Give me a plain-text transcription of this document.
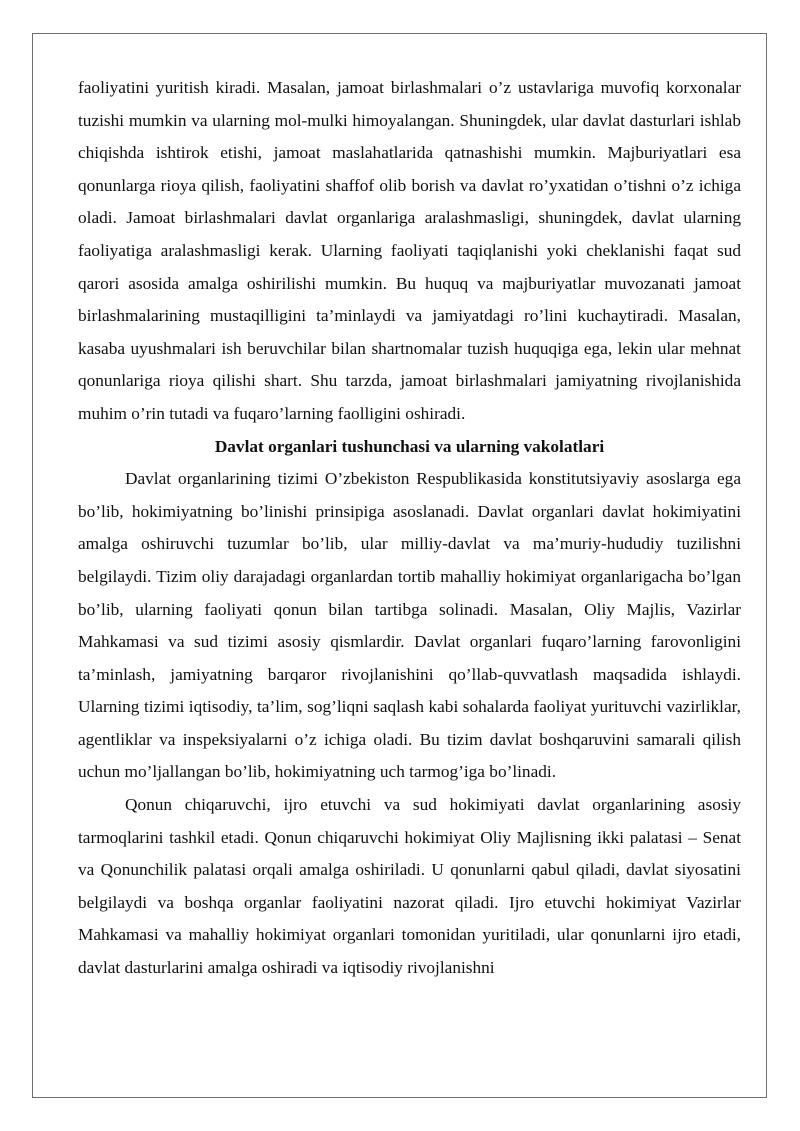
faoliyatini yuritish kiradi. Masalan, jamoat birlashmalari o’z ustavlariga muvofiq korxonalar tuzishi mumkin va ularning mol-mulki himoyalangan. Shuningdek, ular davlat dasturlari ishlab chiqishda ishtirok etishi, jamoat maslahatlarida qatnashishi mumkin. Majburiyatlari esa qonunlarga rioya qilish, faoliyatini shaffof olib borish va davlat ro’yxatidan o’tishni o’z ichiga oladi. Jamoat birlashmalari davlat organlariga aralashmasligi, shuningdek, davlat ularning faoliyatiga aralashmasligi kerak. Ularning faoliyati taqiqlanishi yoki cheklanishi faqat sud qarori asosida amalga oshirilishi mumkin. Bu huquq va majburiyatlar muvozanati jamoat birlashmalarining mustaqilligini ta’minlaydi va jamiyatdagi ro’lini kuchaytiradi. Masalan, kasaba uyushmalari ish beruvchilar bilan shartnomalar tuzish huquqiga ega, lekin ular mehnat qonunlariga rioya qilishi shart. Shu tarzda, jamoat birlashmalari jamiyatning rivojlanishida muhim o’rin tutadi va fuqaro’larning faolligini oshiradi.

Davlat organlari tushunchasi va ularning vakolatlari

Davlat organlarining tizimi O’zbekiston Respublikasida konstitutsiyaviy asoslarga ega bo’lib, hokimiyatning bo’linishi prinsipiga asoslanadi. Davlat organlari davlat hokimiyatini amalga oshiruvchi tuzumlar bo’lib, ular milliy-davlat va ma’muriy-hududiy tuzilishni belgilaydi. Tizim oliy darajadagi organlardan tortib mahalliy hokimiyat organlarigacha bo’lgan bo’lib, ularning faoliyati qonun bilan tartibga solinadi. Masalan, Oliy Majlis, Vazirlar Mahkamasi va sud tizimi asosiy qismlardir. Davlat organlari fuqaro’larning farovonligini ta’minlash, jamiyatning barqaror rivojlanishini qo’llab-quvvatlash maqsadida ishlaydi. Ularning tizimi iqtisodiy, ta’lim, sog’liqni saqlash kabi sohalarda faoliyat yurituvchi vazirliklar, agentliklar va inspeksiyalarni o’z ichiga oladi. Bu tizim davlat boshqaruvini samarali qilish uchun mo’ljallangan bo’lib, hokimiyatning uch tarmog’iga bo’linadi.

Qonun chiqaruvchi, ijro etuvchi va sud hokimiyati davlat organlarining asosiy tarmoqlarini tashkil etadi. Qonun chiqaruvchi hokimiyat Oliy Majlisning ikki palatasi – Senat va Qonunchilik palatasi orqali amalga oshiriladi. U qonunlarni qabul qiladi, davlat siyosatini belgilaydi va boshqa organlar faoliyatini nazorat qiladi. Ijro etuvchi hokimiyat Vazirlar Mahkamasi va mahalliy hokimiyat organlari tomonidan yuritiladi, ular qonunlarni ijro etadi, davlat dasturlarini amalga oshiradi va iqtisodiy rivojlanishni
